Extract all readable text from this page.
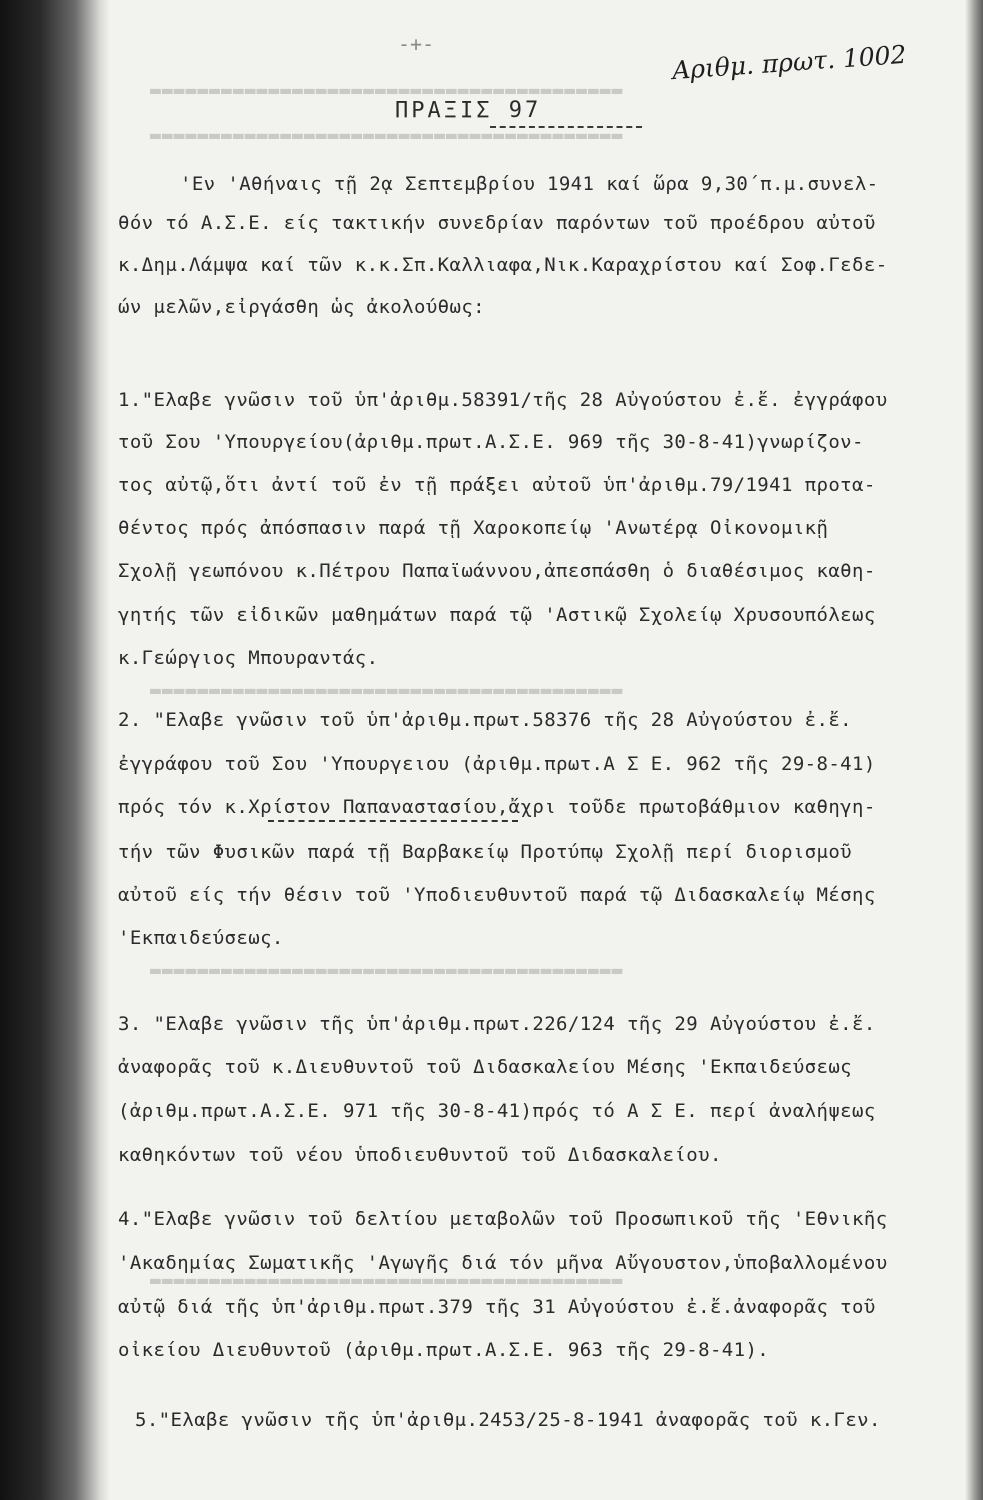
▬▬▬▬▬▬▬▬▬▬▬▬▬▬▬▬▬▬▬▬▬▬▬▬▬▬▬▬▬▬▬▬▬▬▬▬▬▬▬▬
▬▬▬▬▬▬▬▬▬▬▬▬▬▬▬▬▬▬▬▬▬▬▬▬▬▬▬▬▬▬▬▬▬▬▬▬▬▬▬▬
▬▬▬▬▬▬▬▬▬▬▬▬▬▬▬▬▬▬▬▬▬▬▬▬▬▬▬▬▬▬▬▬▬▬▬▬▬▬▬▬
▬▬▬▬▬▬▬▬▬▬▬▬▬▬▬▬▬▬▬▬▬▬▬▬▬▬▬▬▬▬▬▬▬▬▬▬▬▬▬▬
▬▬▬▬▬▬▬▬▬▬▬▬▬▬▬▬▬▬▬▬▬▬▬▬▬▬▬▬▬▬▬▬▬▬▬▬▬▬▬▬
-+-	Αριθμ. πρωτ. 1002
ΠΡΑΞΙΣ 97
'Εν 'Αθήναις τῇ 2ᾳ Σεπτεμβρίου 1941 καί ὥρα 9,30΄π.μ.συνελ-
θόν τό Α.Σ.Ε. είς τακτικήν συνεδρίαν παρόντων τοῦ προέδρου αὐτοῦ
κ.Δημ.Λάμψα καί τῶν κ.κ.Σπ.Καλλιαφα,Νικ.Καραχρίστου καί Σοφ.Γεδε-
ών μελῶν,εἰργάσθη ὡς ἀκολούθως:
1."Ελαβε γνῶσιν τοῦ ὑπ'ἀριθμ.58391/τῆς 28 Αὐγούστου ἐ.ἔ. ἐγγράφου
τοῦ Σου 'Υπουργείου(ἀριθμ.πρωτ.Α.Σ.Ε. 969 τῆς 30-8-41)γνωρίζον-
τος αὐτῷ,ὅτι ἀντί τοῦ ἐν τῇ πράξει αὐτοῦ ὑπ'ἀριθμ.79/1941 προτα-
θέντος πρός ἀπόσπασιν παρά τῇ Χαροκοπείῳ 'Ανωτέρᾳ Οἰκονομικῇ
Σχολῇ γεωπόνου κ.Πέτρου Παπαϊωάννου,ἀπεσπάσθη ὁ διαθέσιμος καθη-
γητής τῶν εἰδικῶν μαθημάτων παρά τῷ 'Αστικῷ Σχολείῳ Χρυσουπόλεως
κ.Γεώργιος Μπουραντάς.
2. "Ελαβε γνῶσιν τοῦ ὑπ'ἀριθμ.πρωτ.58376 τῆς 28 Αὐγούστου ἐ.ἔ.
ἐγγράφου τοῦ Σου 'Υπουργειου (ἀριθμ.πρωτ.Α Σ Ε. 962 τῆς 29-8-41)
πρός τόν κ.Χρίστον Παπαναστασίου,ἄχρι τοῦδε πρωτοβάθμιον καθηγη-
τήν τῶν Φυσικῶν παρά τῇ Βαρβακείῳ Προτύπῳ Σχολῇ περί διορισμοῦ
αὐτοῦ είς τήν θέσιν τοῦ 'Υποδιευθυντοῦ παρά τῷ Διδασκαλείῳ Μέσης
'Εκπαιδεύσεως.
3. "Ελαβε γνῶσιν τῆς ὑπ'ἀριθμ.πρωτ.226/124 τῆς 29 Αὐγούστου ἐ.ἔ.
ἀναφορᾶς τοῦ κ.Διευθυντοῦ τοῦ Διδασκαλείου Μέσης 'Εκπαιδεύσεως
(ἀριθμ.πρωτ.Α.Σ.Ε. 971 τῆς 30-8-41)πρός τό Α Σ Ε. περί ἀναλήψεως
καθηκόντων τοῦ νέου ὑποδιευθυντοῦ τοῦ Διδασκαλείου.
4."Ελαβε γνῶσιν τοῦ δελτίου μεταβολῶν τοῦ Προσωπικοῦ τῆς 'Εθνικῆς
'Ακαδημίας Σωματικῆς 'Αγωγῆς διά τόν μῆνα Αὔγουστον,ὑποβαλλομένου
αὐτῷ διά τῆς ὑπ'ἀριθμ.πρωτ.379 τῆς 31 Αὐγούστου ἐ.ἔ.ἀναφορᾶς τοῦ
οἰκείου Διευθυντοῦ (ἀριθμ.πρωτ.Α.Σ.Ε. 963 τῆς 29-8-41).
5."Ελαβε γνῶσιν τῆς ὑπ'ἀριθμ.2453/25-8-1941 ἀναφορᾶς τοῦ κ.Γεν.
